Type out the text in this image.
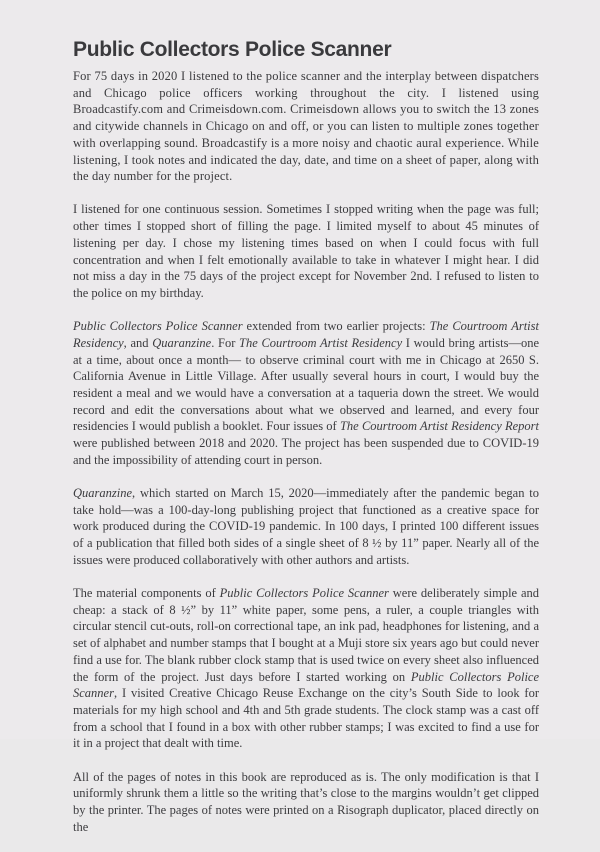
Public Collectors Police Scanner

For 75 days in 2020 I listened to the police scanner and the interplay between dispatchers and Chicago police officers working throughout the city. I listened using Broadcastify.com and Crimeisdown.com. Crimeisdown allows you to switch the 13 zones and citywide channels in Chicago on and off, or you can listen to multiple zones together with overlapping sound. Broadcastify is a more noisy and chaotic aural experience. While listening, I took notes and indicated the day, date, and time on a sheet of paper, along with the day number for the project.

I listened for one continuous session. Sometimes I stopped writing when the page was full; other times I stopped short of filling the page. I limited myself to about 45 minutes of listening per day. I chose my listening times based on when I could focus with full concentration and when I felt emotionally available to take in whatever I might hear. I did not miss a day in the 75 days of the project except for November 2nd. I refused to listen to the police on my birthday.

Public Collectors Police Scanner extended from two earlier projects: The Courtroom Artist Residency, and Quaranzine. For The Courtroom Artist Residency I would bring artists—one at a time, about once a month— to observe criminal court with me in Chicago at 2650 S. California Avenue in Little Village. After usually several hours in court, I would buy the resident a meal and we would have a conversation at a taqueria down the street. We would record and edit the conversations about what we observed and learned, and every four residencies I would publish a booklet. Four issues of The Courtroom Artist Residency Report were published between 2018 and 2020. The project has been suspended due to COVID-19 and the impossibility of attending court in person.

Quaranzine, which started on March 15, 2020—immediately after the pandemic began to take hold—was a 100-day-long publishing project that functioned as a creative space for work produced during the COVID-19 pandemic. In 100 days, I printed 100 different issues of a publication that filled both sides of a single sheet of 8 ½ by 11” paper. Nearly all of the issues were produced collaboratively with other authors and artists.

The material components of Public Collectors Police Scanner were deliberately simple and cheap: a stack of 8 ½” by 11” white paper, some pens, a ruler, a couple triangles with circular stencil cut-outs, roll-on correctional tape, an ink pad, headphones for listening, and a set of alphabet and number stamps that I bought at a Muji store six years ago but could never find a use for. The blank rubber clock stamp that is used twice on every sheet also influenced the form of the project. Just days before I started working on Public Collectors Police Scanner, I visited Creative Chicago Reuse Exchange on the city’s South Side to look for materials for my high school and 4th and 5th grade students. The clock stamp was a cast off from a school that I found in a box with other rubber stamps; I was excited to find a use for it in a project that dealt with time.

All of the pages of notes in this book are reproduced as is. The only modification is that I uniformly shrunk them a little so the writing that’s close to the margins wouldn’t get clipped by the printer. The pages of notes were printed on a Risograph duplicator, placed directly on the
